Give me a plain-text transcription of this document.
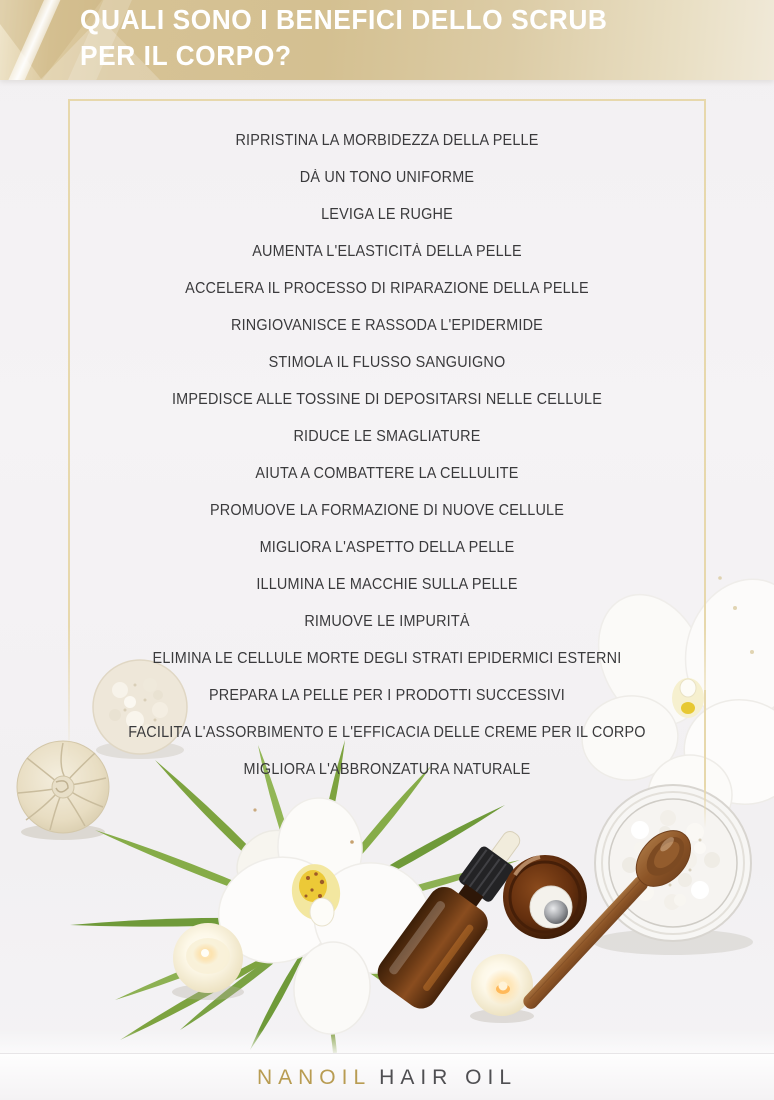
QUALI SONO I BENEFICI DELLO SCRUB
PER IL CORPO?
RIPRISTINA LA MORBIDEZZA DELLA PELLE
DÀ UN TONO UNIFORME
LEVIGA LE RUGHE
AUMENTA L'ELASTICITÀ DELLA PELLE
ACCELERA IL PROCESSO DI RIPARAZIONE DELLA PELLE
RINGIOVANISCE E RASSODA L'EPIDERMIDE
STIMOLA IL FLUSSO SANGUIGNO
IMPEDISCE ALLE TOSSINE DI DEPOSITARSI NELLE CELLULE
RIDUCE LE SMAGLIATURE
AIUTA A COMBATTERE LA CELLULITE
PROMUOVE LA FORMAZIONE DI NUOVE CELLULE
MIGLIORA L'ASPETTO DELLA PELLE
ILLUMINA LE MACCHIE SULLA PELLE
RIMUOVE LE IMPURITÀ
ELIMINA LE CELLULE MORTE DEGLI STRATI EPIDERMICI ESTERNI
PREPARA LA PELLE PER I PRODOTTI SUCCESSIVI
FACILITA L'ASSORBIMENTO E L'EFFICACIA DELLE CREME PER IL CORPO
MIGLIORA L'ABBRONZATURA NATURALE
NANOIL HAIR OIL
